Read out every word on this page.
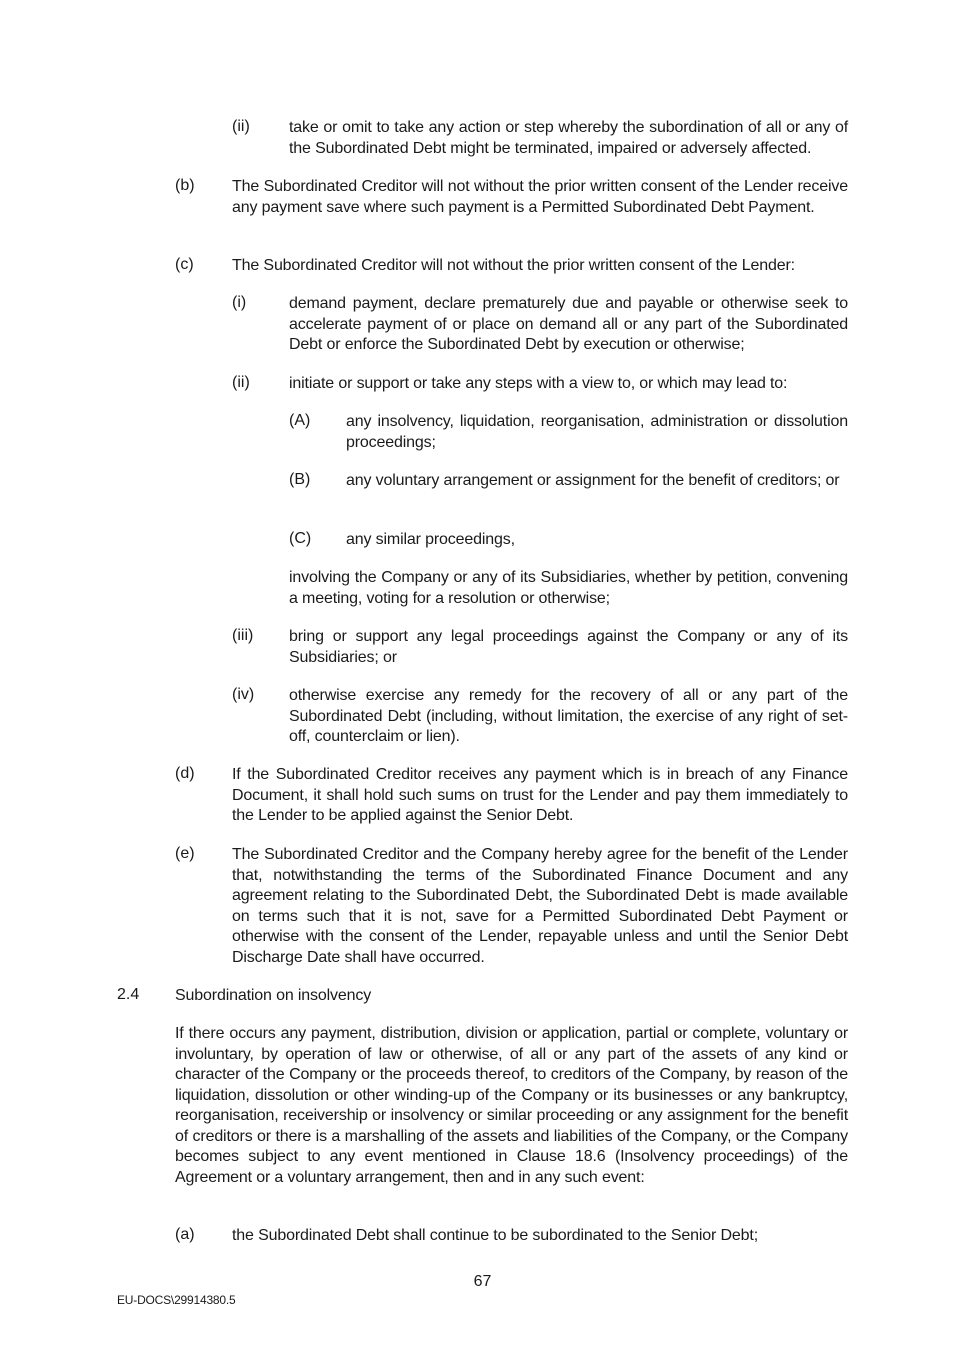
(ii)	take or omit to take any action or step whereby the subordination of all or any of the Subordinated Debt might be terminated, impaired or adversely affected.
(b)	The Subordinated Creditor will not without the prior written consent of the Lender receive any payment save where such payment is a Permitted Subordinated Debt Payment.
(c)	The Subordinated Creditor will not without the prior written consent of the Lender:
(i)	demand payment, declare prematurely due and payable or otherwise seek to accelerate payment of or place on demand all or any part of the Subordinated Debt or enforce the Subordinated Debt by execution or otherwise;
(ii)	initiate or support or take any steps with a view to, or which may lead to:
(A)	any insolvency, liquidation, reorganisation, administration or dissolution proceedings;
(B)	any voluntary arrangement or assignment for the benefit of creditors; or
(C)	any similar proceedings,
involving the Company or any of its Subsidiaries, whether by petition, convening a meeting, voting for a resolution or otherwise;
(iii)	bring or support any legal proceedings against the Company or any of its Subsidiaries; or
(iv)	otherwise exercise any remedy for the recovery of all or any part of the Subordinated Debt (including, without limitation, the exercise of any right of set-off, counterclaim or lien).
(d)	If the Subordinated Creditor receives any payment which is in breach of any Finance Document, it shall hold such sums on trust for the Lender and pay them immediately to the Lender to be applied against the Senior Debt.
(e)	The Subordinated Creditor and the Company hereby agree for the benefit of the Lender that, notwithstanding the terms of the Subordinated Finance Document and any agreement relating to the Subordinated Debt, the Subordinated Debt is made available on terms such that it is not, save for a Permitted Subordinated Debt Payment or otherwise with the consent of the Lender, repayable unless and until the Senior Debt Discharge Date shall have occurred.
2.4	Subordination on insolvency
If there occurs any payment, distribution, division or application, partial or complete, voluntary or involuntary, by operation of law or otherwise, of all or any part of the assets of any kind or character of the Company or the proceeds thereof, to creditors of the Company, by reason of the liquidation, dissolution or other winding-up of the Company or its businesses or any bankruptcy, reorganisation, receivership or insolvency or similar proceeding or any assignment for the benefit of creditors or there is a marshalling of the assets and liabilities of the Company, or the Company becomes subject to any event mentioned in Clause 18.6 (Insolvency proceedings) of the Agreement or a voluntary arrangement, then and in any such event:
(a)	the Subordinated Debt shall continue to be subordinated to the Senior Debt;
67
EU-DOCS\29914380.5
